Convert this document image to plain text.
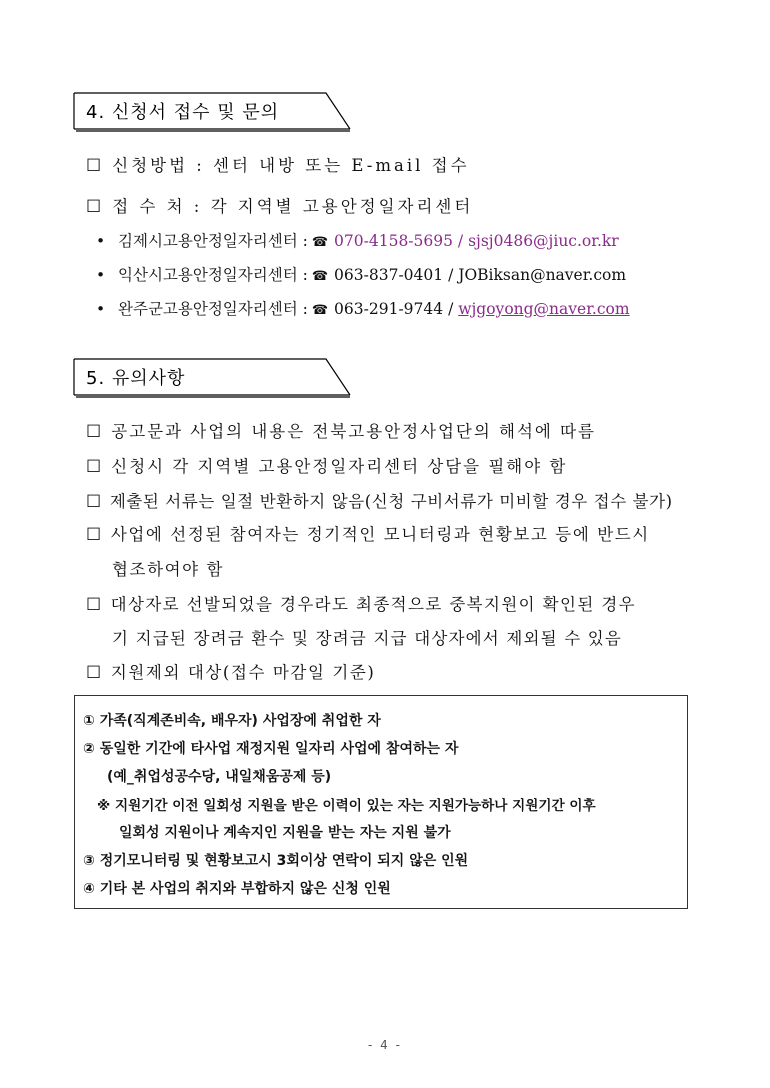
4. 신청서 접수 및 문의
☐ 신청방법 : 센터 내방 또는 E-mail 접수
☐ 접 수 처 : 각 지역별 고용안정일자리센터
• 김제시고용안정일자리센터 : ☎ 070-4158-5695 / sjsj0486@jiuc.or.kr
• 익산시고용안정일자리센터 : ☎ 063-837-0401 / JOBiksan@naver.com
• 완주군고용안정일자리센터 : ☎ 063-291-9744 / wjgoyong@naver.com
5. 유의사항
☐ 공고문과 사업의 내용은 전북고용안정사업단의 해석에 따름
☐ 신청시 각 지역별 고용안정일자리센터 상담을 필해야 함
☐ 제출된 서류는 일절 반환하지 않음(신청 구비서류가 미비할 경우 접수 불가)
☐ 사업에 선정된 참여자는 정기적인 모니터링과 현황보고 등에 반드시
협조하여야 함
☐ 대상자로 선발되었을 경우라도 최종적으로 중복지원이 확인된 경우
기 지급된 장려금 환수 및 장려금 지급 대상자에서 제외될 수 있음
☐ 지원제외 대상(접수 마감일 기준)
① 가족(직계존비속, 배우자) 사업장에 취업한 자
② 동일한 기간에 타사업 재정지원 일자리 사업에 참여하는 자
(예_취업성공수당, 내일채움공제 등)
※ 지원기간 이전 일회성 지원을 받은 이력이 있는 자는 지원가능하나 지원기간 이후
일회성 지원이나 계속지인 지원을 받는 자는 지원 불가
③ 정기모니터링 및 현황보고시 3회이상 연락이 되지 않은 인원
④ 기타 본 사업의 취지와 부합하지 않은 신청 인원
- 4 -
